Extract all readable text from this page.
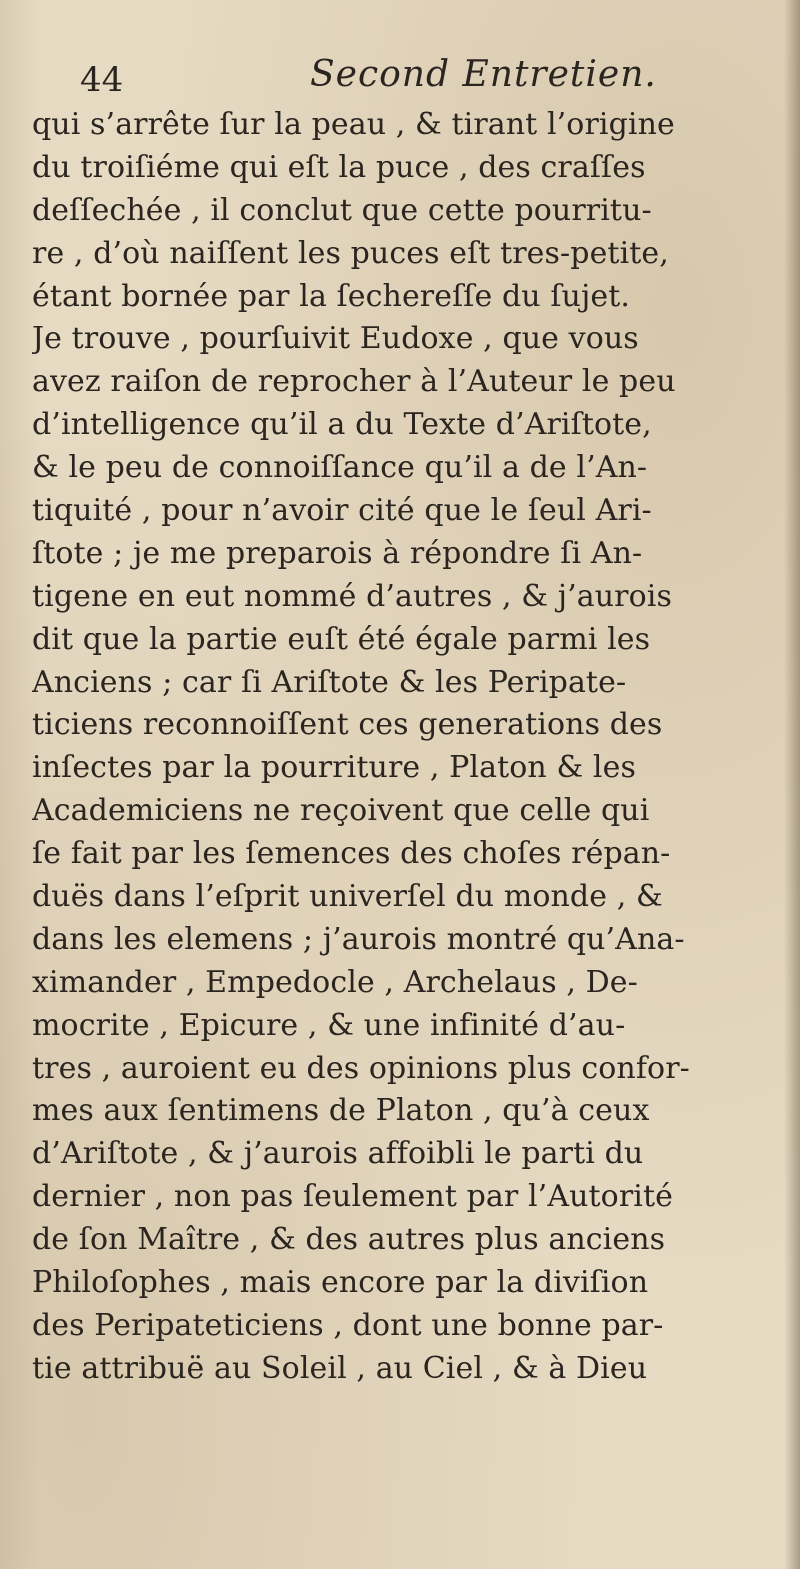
44	Second Entretien.
qui s’arrête ſur la peau , & tirant l’origine
du troiſiéme qui eſt la puce , des craſſes
deſſechée , il conclut que cette pourritu-
re , d’où naiſſent les puces eſt tres-petite,
étant bornée par la ſechereſſe du ſujet.
Je trouve , pourſuivit Eudoxe , que vous
avez raiſon de reprocher à l’Auteur le peu
d’intelligence qu’il a du Texte d’Ariſtote,
& le peu de connoiſſance qu’il a de l’An-
tiquité , pour n’avoir cité que le ſeul Ari-
ſtote ; je me preparois à répondre ſi An-
tigene en eut nommé d’autres , & j’aurois
dit que la partie euſt été égale parmi les
Anciens ; car ſi Ariſtote & les Peripate-
ticiens reconnoiſſent ces generations des
inſectes par la pourriture , Platon & les
Academiciens ne reçoivent que celle qui
ſe fait par les ſemences des choſes répan-
duës dans l’eſprit univerſel du monde , &
dans les elemens ; j’aurois montré qu’Ana-
ximander , Empedocle , Archelaus , De-
mocrite , Epicure , & une infinité d’au-
tres , auroient eu des opinions plus confor-
mes aux ſentimens de Platon , qu’à ceux
d’Ariſtote , & j’aurois affoibli le parti du
dernier , non pas ſeulement par l’Autorité
de ſon Maître , & des autres plus anciens
Philoſophes , mais encore par la diviſion
des Peripateticiens , dont une bonne par-
tie attribuë au Soleil , au Ciel , & à Dieu
